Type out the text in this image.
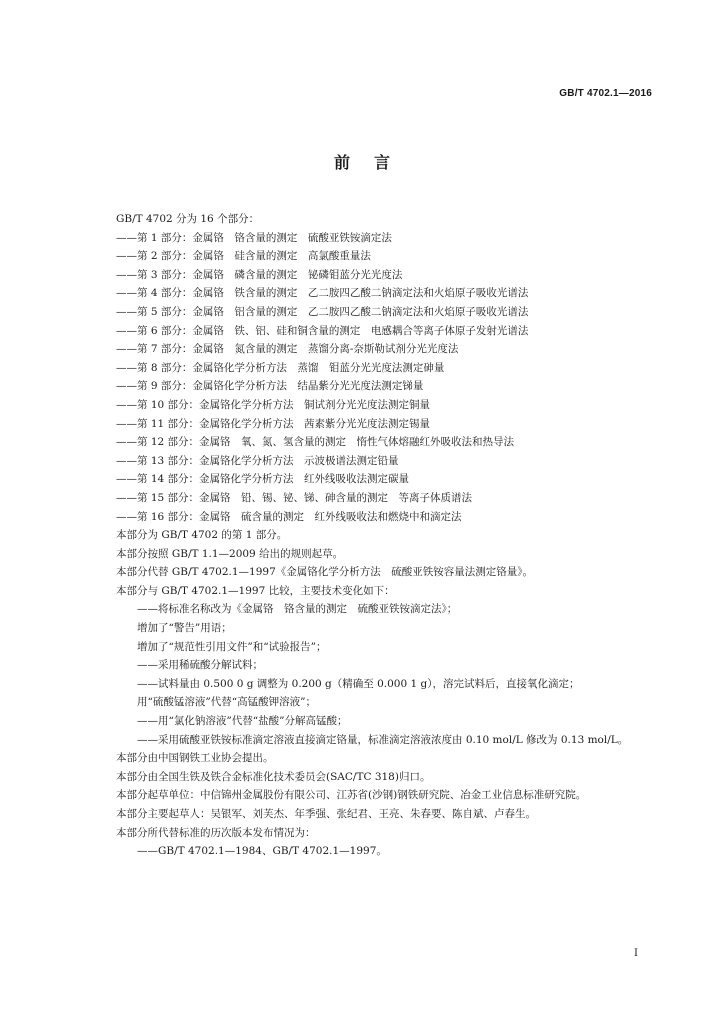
GB/T 4702.1—2016
前言
GB/T 4702 分为 16 个部分：
——第 1 部分：金属铬　铬含量的测定　硫酸亚铁铵滴定法
——第 2 部分：金属铬　硅含量的测定　高氯酸重量法
——第 3 部分：金属铬　磷含量的测定　铋磷钼蓝分光光度法
——第 4 部分：金属铬　铁含量的测定　乙二胺四乙酸二钠滴定法和火焰原子吸收光谱法
——第 5 部分：金属铬　铝含量的测定　乙二胺四乙酸二钠滴定法和火焰原子吸收光谱法
——第 6 部分：金属铬　铁、铝、硅和铜含量的测定　电感耦合等离子体原子发射光谱法
——第 7 部分：金属铬　氮含量的测定　蒸馏分离-奈斯勒试剂分光光度法
——第 8 部分：金属铬化学分析方法　蒸馏　钼蓝分光光度法测定砷量
——第 9 部分：金属铬化学分析方法　结晶紫分光光度法测定锑量
——第 10 部分：金属铬化学分析方法　铜试剂分光光度法测定铜量
——第 11 部分：金属铬化学分析方法　茜素紫分光光度法测定锡量
——第 12 部分：金属铬　氧、氮、氢含量的测定　惰性气体熔融红外吸收法和热导法
——第 13 部分：金属铬化学分析方法　示波极谱法测定铅量
——第 14 部分：金属铬化学分析方法　红外线吸收法测定碳量
——第 15 部分：金属铬　铅、锡、铋、锑、砷含量的测定　等离子体质谱法
——第 16 部分：金属铬　硫含量的测定　红外线吸收法和燃烧中和滴定法
本部分为 GB/T 4702 的第 1 部分。
本部分按照 GB/T 1.1—2009 给出的规则起草。
本部分代替 GB/T 4702.1—1997《金属铬化学分析方法　硫酸亚铁铵容量法测定铬量》。
本部分与 GB/T 4702.1—1997 比较，主要技术变化如下：
——将标准名称改为《金属铬　铬含量的测定　硫酸亚铁铵滴定法》；
增加了“警告”用语；
增加了“规范性引用文件”和“试验报告”；
——采用稀硫酸分解试料；
——试料量由 0.500 0 g 调整为 0.200 g（精确至 0.000 1 g），溶完试料后，直接氧化滴定；
用“硫酸锰溶液”代替“高锰酸钾溶液”；
——用“氯化钠溶液”代替“盐酸”分解高锰酸；
——采用硫酸亚铁铵标准滴定溶液直接滴定铬量，标准滴定溶液浓度由 0.10 mol/L 修改为 0.13 mol/L。
本部分由中国钢铁工业协会提出。
本部分由全国生铁及铁合金标准化技术委员会(SAC/TC 318)归口。
本部分起草单位：中信锦州金属股份有限公司、江苏省(沙钢)钢铁研究院、冶金工业信息标准研究院。
本部分主要起草人：吴银军、刘芙杰、年季强、张纪君、王亮、朱春要、陈自斌、卢春生。
本部分所代替标准的历次版本发布情况为：
——GB/T 4702.1—1984、GB/T 4702.1—1997。
I
